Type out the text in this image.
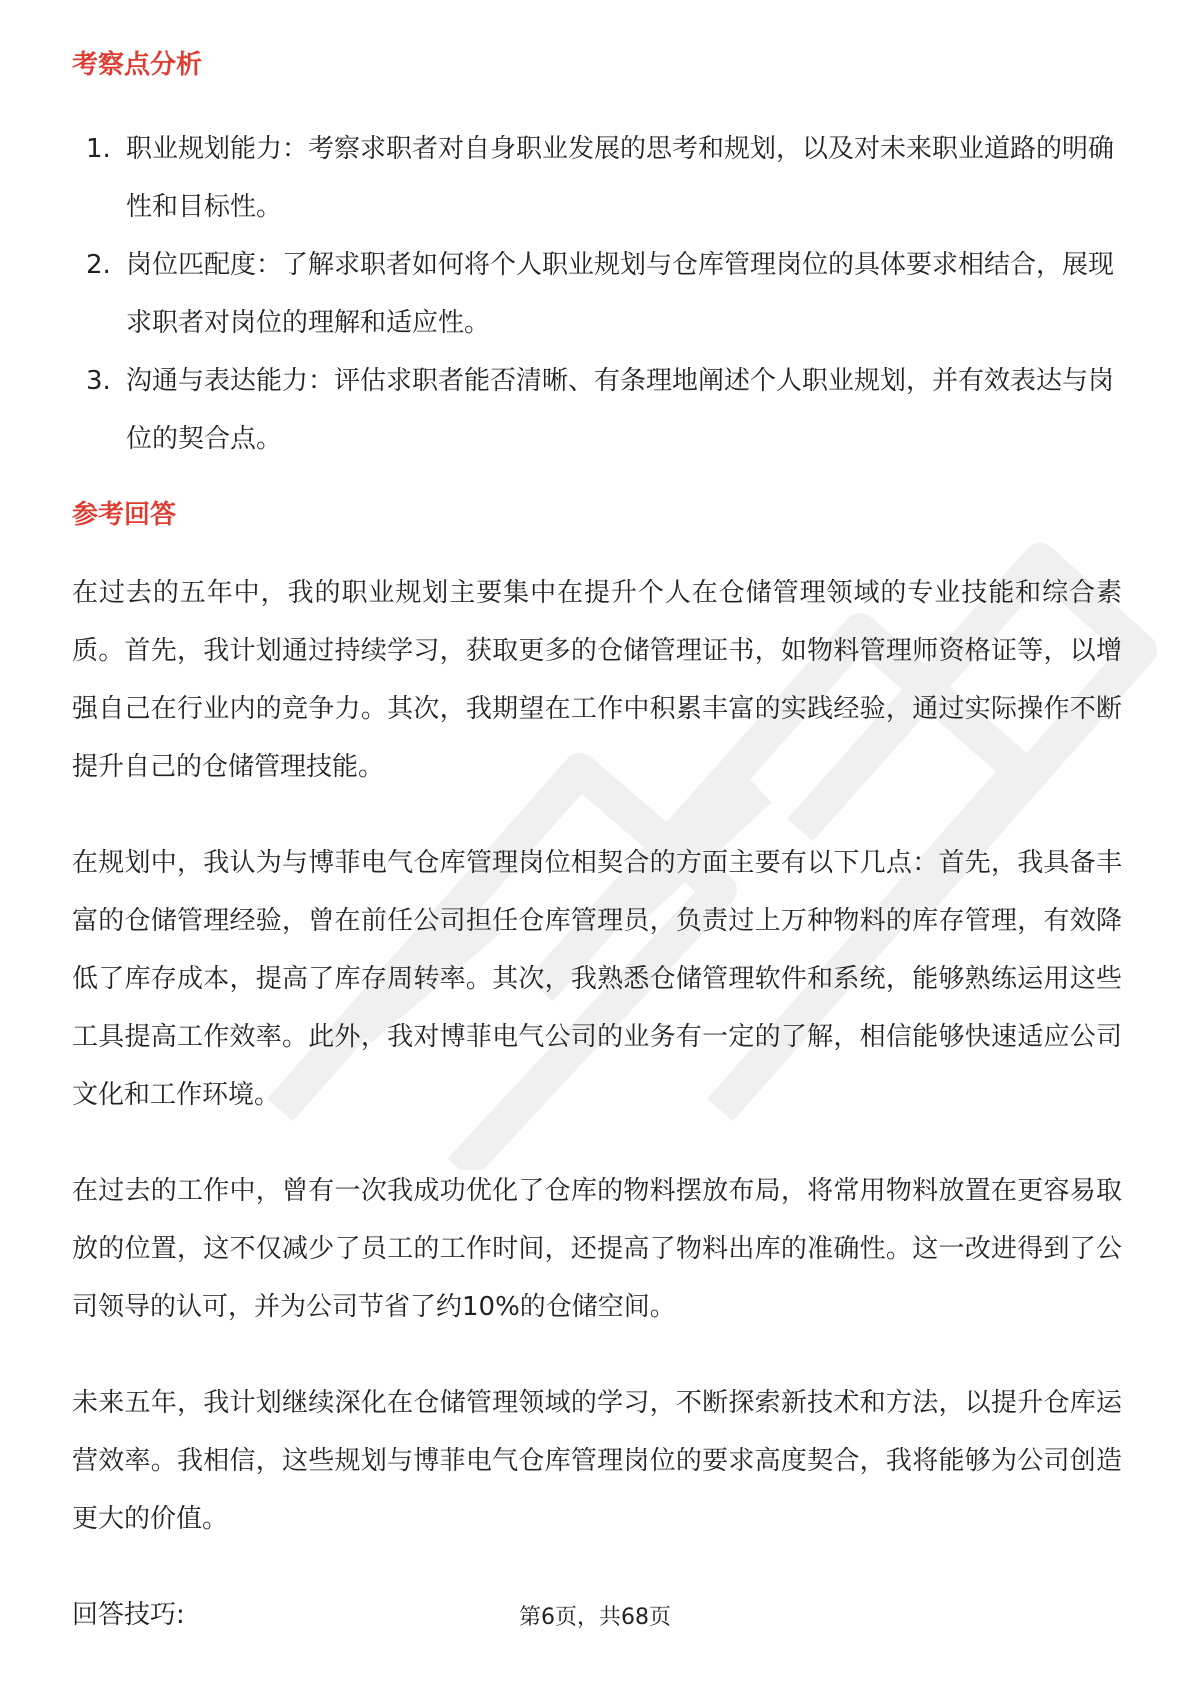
考察点分析
1. 职业规划能力：考察求职者对自身职业发展的思考和规划，以及对未来职业道路的明确性和目标性。
2. 岗位匹配度：了解求职者如何将个人职业规划与仓库管理岗位的具体要求相结合，展现求职者对岗位的理解和适应性。
3. 沟通与表达能力：评估求职者能否清晰、有条理地阐述个人职业规划，并有效表达与岗位的契合点。
参考回答

在过去的五年中，我的职业规划主要集中在提升个人在仓储管理领域的专业技能和综合素质。首先，我计划通过持续学习，获取更多的仓储管理证书，如物料管理师资格证等，以增强自己在行业内的竞争力。其次，我期望在工作中积累丰富的实践经验，通过实际操作不断提升自己的仓储管理技能。

在规划中，我认为与博菲电气仓库管理岗位相契合的方面主要有以下几点：首先，我具备丰富的仓储管理经验，曾在前任公司担任仓库管理员，负责过上万种物料的库存管理，有效降低了库存成本，提高了库存周转率。其次，我熟悉仓储管理软件和系统，能够熟练运用这些工具提高工作效率。此外，我对博菲电气公司的业务有一定的了解，相信能够快速适应公司文化和工作环境。

在过去的工作中，曾有一次我成功优化了仓库的物料摆放布局，将常用物料放置在更容易取放的位置，这不仅减少了员工的工作时间，还提高了物料出库的准确性。这一改进得到了公司领导的认可，并为公司节省了约10%的仓储空间。

未来五年，我计划继续深化在仓储管理领域的学习，不断探索新技术和方法，以提升仓库运营效率。我相信，这些规划与博菲电气仓库管理岗位的要求高度契合，我将能够为公司创造更大的价值。

回答技巧:	第6页，共68页
